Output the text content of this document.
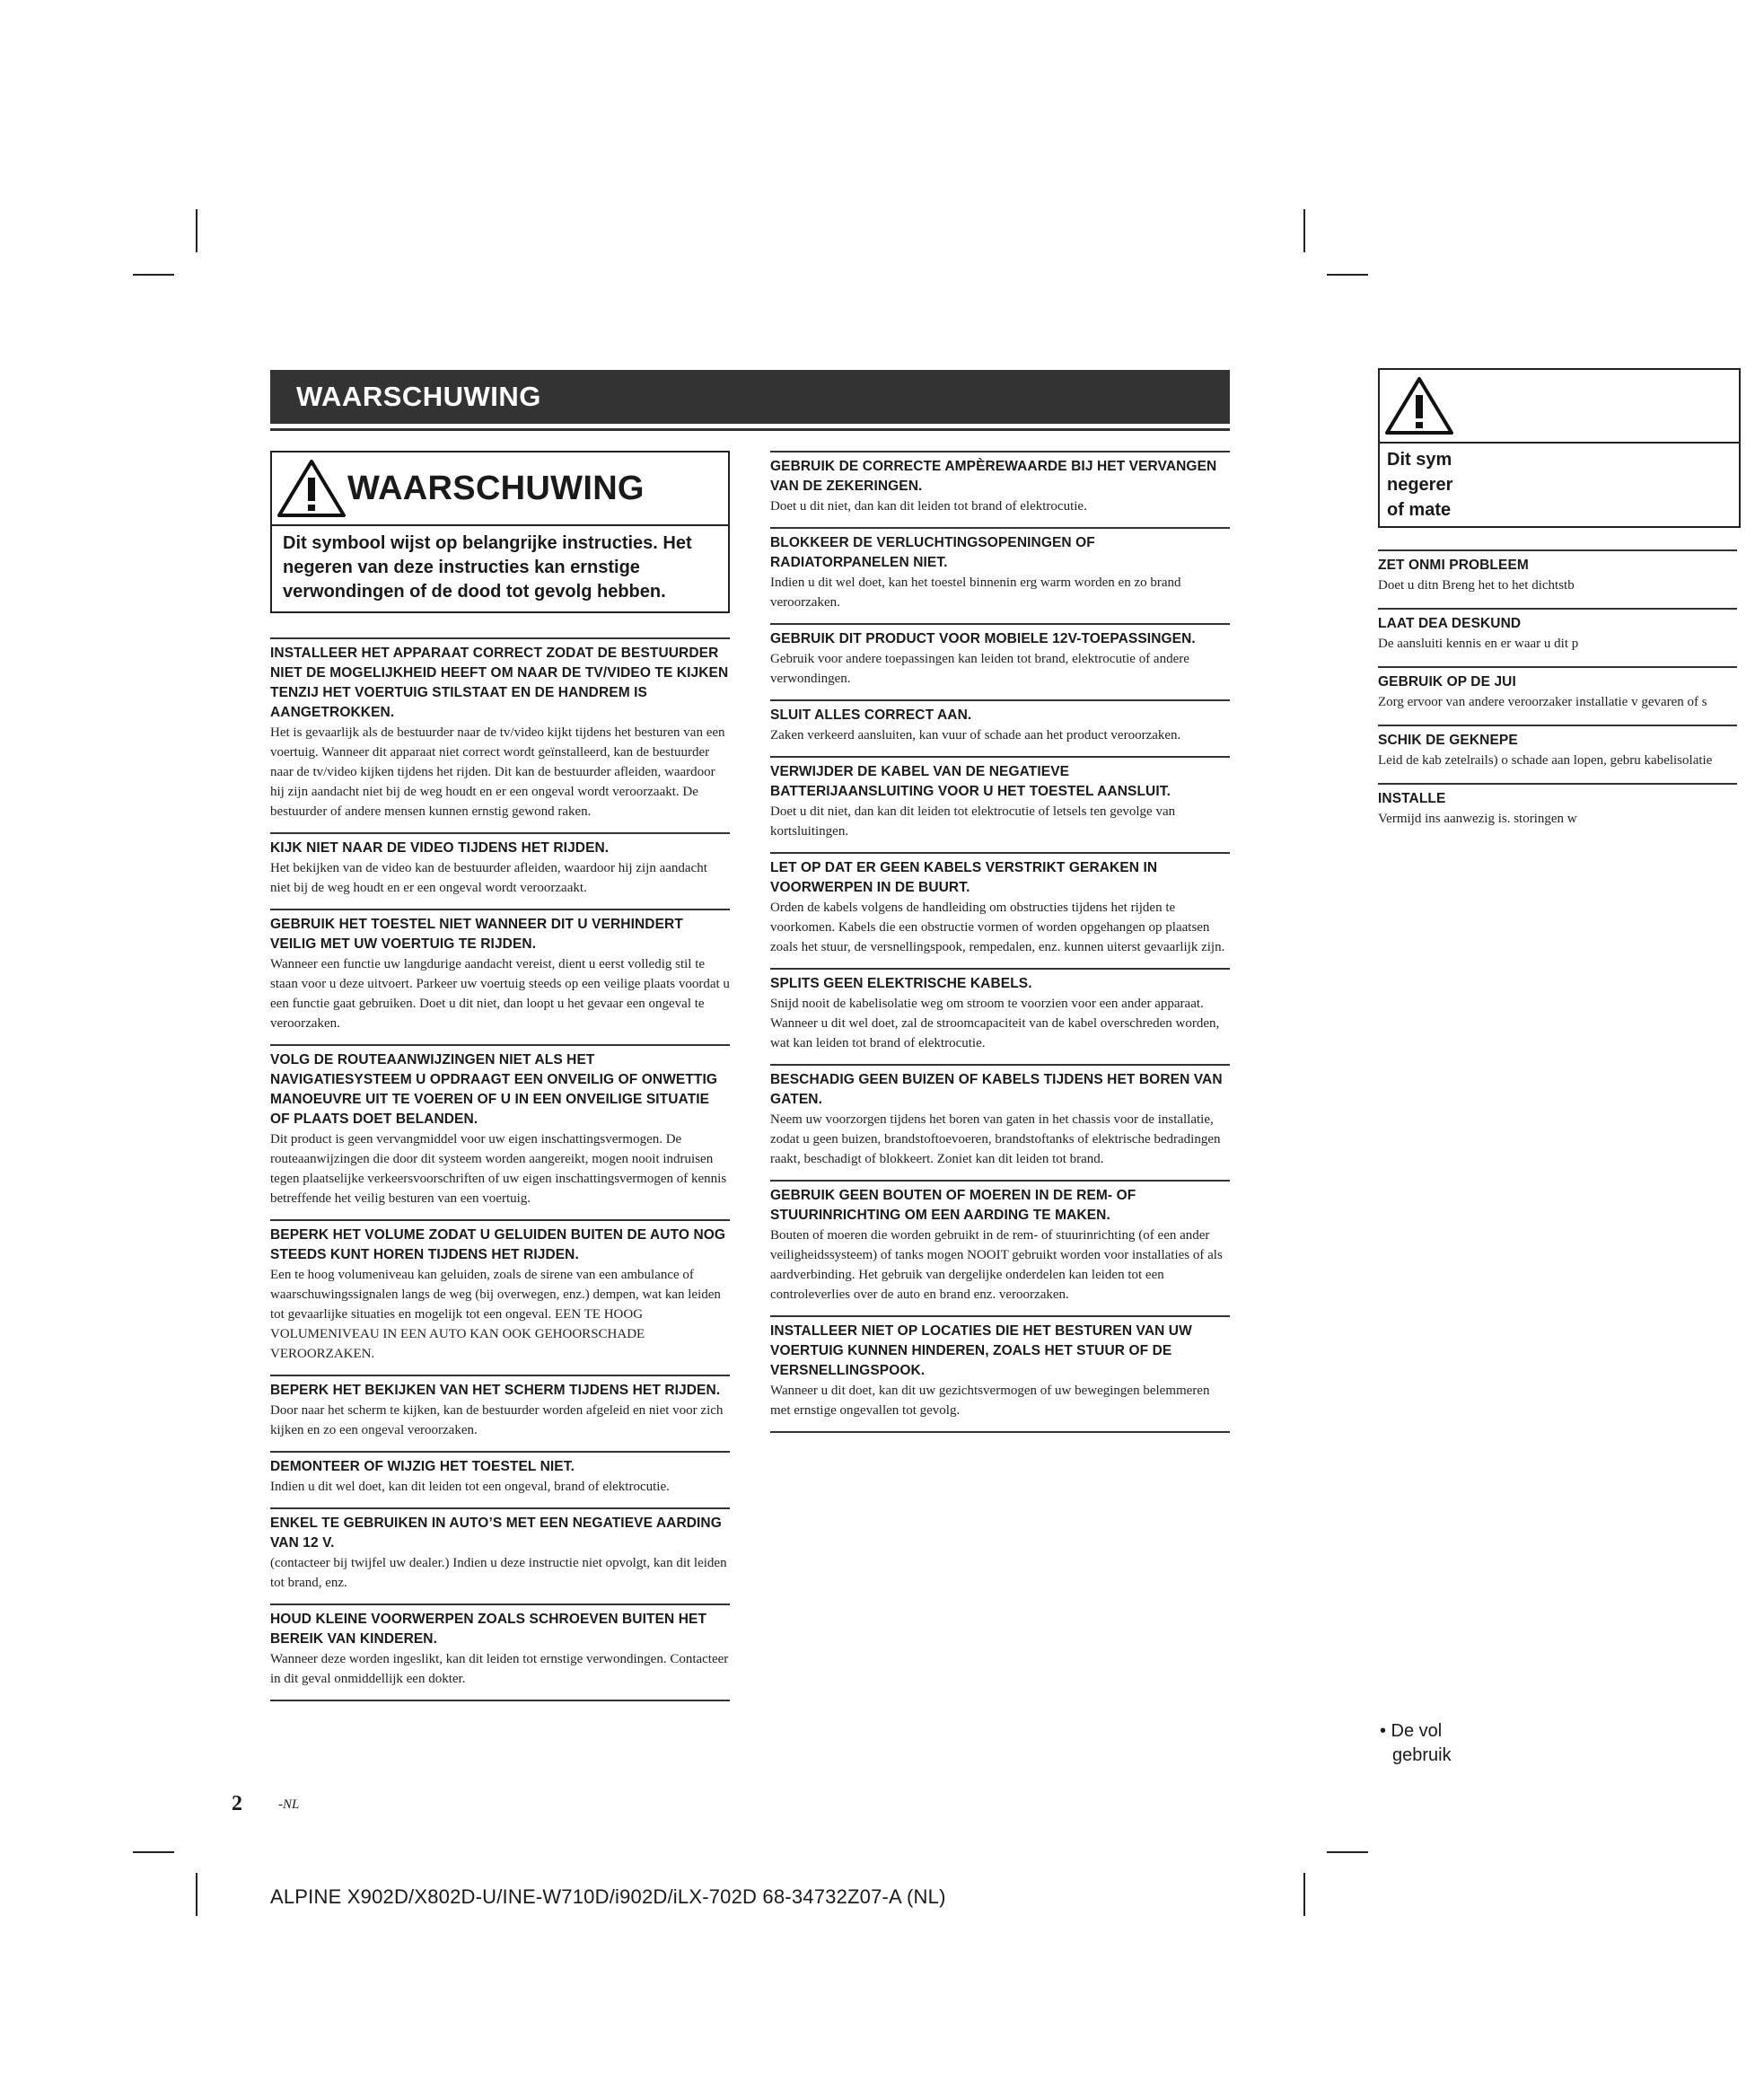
WAARSCHUWING
WAARSCHUWING
Dit symbool wijst op belangrijke instructies. Het negeren van deze instructies kan ernstige verwondingen of de dood tot gevolg hebben.
INSTALLEER HET APPARAAT CORRECT ZODAT DE BESTUURDER NIET DE MOGELIJKHEID HEEFT OM NAAR DE TV/VIDEO TE KIJKEN TENZIJ HET VOERTUIG STILSTAAT EN DE HANDREM IS AANGETROKKEN.
Het is gevaarlijk als de bestuurder naar de tv/video kijkt tijdens het besturen van een voertuig. Wanneer dit apparaat niet correct wordt geïnstalleerd, kan de bestuurder naar de tv/video kijken tijdens het rijden. Dit kan de bestuurder afleiden, waardoor hij zijn aandacht niet bij de weg houdt en er een ongeval wordt veroorzaakt. De bestuurder of andere mensen kunnen ernstig gewond raken.
KIJK NIET NAAR DE VIDEO TIJDENS HET RIJDEN.
Het bekijken van de video kan de bestuurder afleiden, waardoor hij zijn aandacht niet bij de weg houdt en er een ongeval wordt veroorzaakt.
GEBRUIK HET TOESTEL NIET WANNEER DIT U VERHINDERT VEILIG MET UW VOERTUIG TE RIJDEN.
Wanneer een functie uw langdurige aandacht vereist, dient u eerst volledig stil te staan voor u deze uitvoert. Parkeer uw voertuig steeds op een veilige plaats voordat u een functie gaat gebruiken. Doet u dit niet, dan loopt u het gevaar een ongeval te veroorzaken.
VOLG DE ROUTEAANWIJZINGEN NIET ALS HET NAVIGATIESYSTEEM U OPDRAAGT EEN ONVEILIG OF ONWETTIG MANOEUVRE UIT TE VOEREN OF U IN EEN ONVEILIGE SITUATIE OF PLAATS DOET BELANDEN.
Dit product is geen vervangmiddel voor uw eigen inschattingsvermogen. De routeaanwijzingen die door dit systeem worden aangereikt, mogen nooit indruisen tegen plaatselijke verkeersvoorschriften of uw eigen inschattingsvermogen of kennis betreffende het veilig besturen van een voertuig.
BEPERK HET VOLUME ZODAT U GELUIDEN BUITEN DE AUTO NOG STEEDS KUNT HOREN TIJDENS HET RIJDEN.
Een te hoog volumeniveau kan geluiden, zoals de sirene van een ambulance of waarschuwingssignalen langs de weg (bij overwegen, enz.) dempen, wat kan leiden tot gevaarlijke situaties en mogelijk tot een ongeval. EEN TE HOOG VOLUMENIVEAU IN EEN AUTO KAN OOK GEHOORSCHADE VEROORZAKEN.
BEPERK HET BEKIJKEN VAN HET SCHERM TIJDENS HET RIJDEN.
Door naar het scherm te kijken, kan de bestuurder worden afgeleid en niet voor zich kijken en zo een ongeval veroorzaken.
DEMONTEER OF WIJZIG HET TOESTEL NIET.
Indien u dit wel doet, kan dit leiden tot een ongeval, brand of elektrocutie.
ENKEL TE GEBRUIKEN IN AUTO’S MET EEN NEGATIEVE AARDING VAN 12 V.
(contacteer bij twijfel uw dealer.) Indien u deze instructie niet opvolgt, kan dit leiden tot brand, enz.
HOUD KLEINE VOORWERPEN ZOALS SCHROEVEN BUITEN HET BEREIK VAN KINDEREN.
Wanneer deze worden ingeslikt, kan dit leiden tot ernstige verwondingen. Contacteer in dit geval onmiddellijk een dokter.
GEBRUIK DE CORRECTE AMPÈREWAARDE BIJ HET VERVANGEN VAN DE ZEKERINGEN.
Doet u dit niet, dan kan dit leiden tot brand of elektrocutie.
BLOKKEER DE VERLUCHTINGSOPENINGEN OF RADIATORPANELEN NIET.
Indien u dit wel doet, kan het toestel binnenin erg warm worden en zo brand veroorzaken.
GEBRUIK DIT PRODUCT VOOR MOBIELE 12V-TOEPASSINGEN.
Gebruik voor andere toepassingen kan leiden tot brand, elektrocutie of andere verwondingen.
SLUIT ALLES CORRECT AAN.
Zaken verkeerd aansluiten, kan vuur of schade aan het product veroorzaken.
VERWIJDER DE KABEL VAN DE NEGATIEVE BATTERIJAANSLUITING VOOR U HET TOESTEL AANSLUIT.
Doet u dit niet, dan kan dit leiden tot elektrocutie of letsels ten gevolge van kortsluitingen.
LET OP DAT ER GEEN KABELS VERSTRIKT GERAKEN IN VOORWERPEN IN DE BUURT.
Orden de kabels volgens de handleiding om obstructies tijdens het rijden te voorkomen. Kabels die een obstructie vormen of worden opgehangen op plaatsen zoals het stuur, de versnellingspook, rempedalen, enz. kunnen uiterst gevaarlijk zijn.
SPLITS GEEN ELEKTRISCHE KABELS.
Snijd nooit de kabelisolatie weg om stroom te voorzien voor een ander apparaat. Wanneer u dit wel doet, zal de stroomcapaciteit van de kabel overschreden worden, wat kan leiden tot brand of elektrocutie.
BESCHADIG GEEN BUIZEN OF KABELS TIJDENS HET BOREN VAN GATEN.
Neem uw voorzorgen tijdens het boren van gaten in het chassis voor de installatie, zodat u geen buizen, brandstoftoevoeren, brandstoftanks of elektrische bedradingen raakt, beschadigt of blokkeert. Zoniet kan dit leiden tot brand.
GEBRUIK GEEN BOUTEN OF MOEREN IN DE REM- OF STUURINRICHTING OM EEN AARDING TE MAKEN.
Bouten of moeren die worden gebruikt in de rem- of stuurinrichting (of een ander veiligheidssysteem) of tanks mogen NOOIT gebruikt worden voor installaties of als aardverbinding. Het gebruik van dergelijke onderdelen kan leiden tot een controleverlies over de auto en brand enz. veroorzaken.
INSTALLEER NIET OP LOCATIES DIE HET BESTUREN VAN UW VOERTUIG KUNNEN HINDEREN, ZOALS HET STUUR OF DE VERSNELLINGSPOOK.
Wanneer u dit doet, kan dit uw gezichtsvermogen of uw bewegingen belemmeren met ernstige ongevallen tot gevolg.
Dit sym
negerer
of mate
ZET ONMI PROBLEEM
Doet u ditn Breng het to het dichtstb
LAAT DEA DESKUND
De aansluiti kennis en er waar u dit p
GEBRUIK OP DE JUI
Zorg ervoor van andere veroorzaker installatie v gevaren of s
SCHIK DE GEKNEPE
Leid de kab zetelrails) o schade aan lopen, gebru kabelisolatie
INSTALLE
Vermijd ins aanwezig is. storingen w
• De vol
gebruik
2	-NL
ALPINE X902D/X802D-U/INE-W710D/i902D/iLX-702D 68-34732Z07-A (NL)
